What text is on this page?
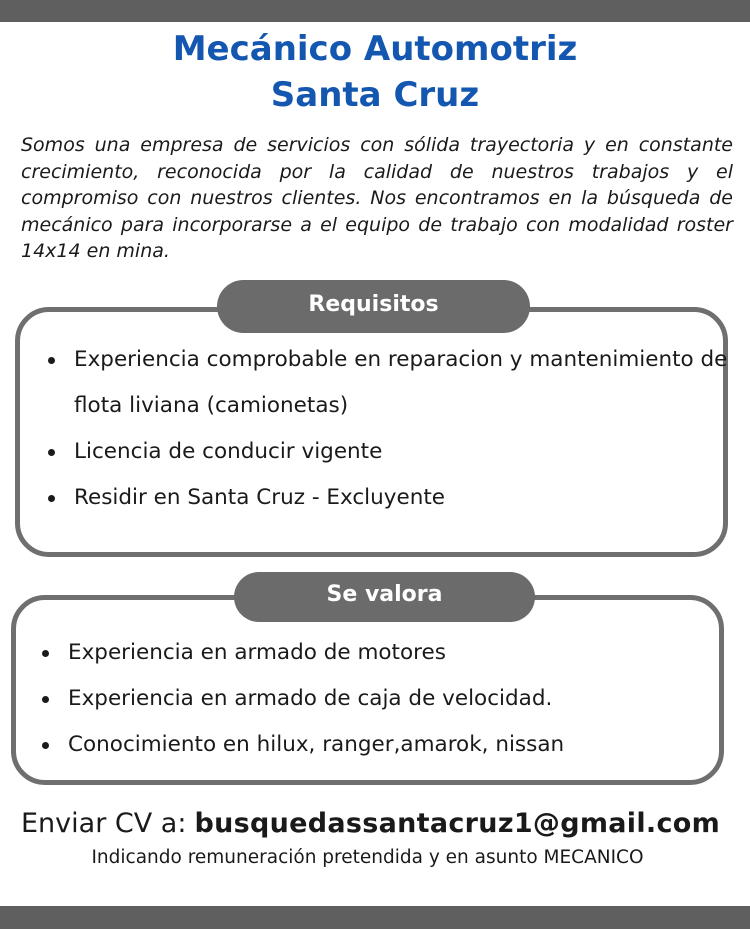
Mecánico Automotriz
Santa Cruz
Somos una empresa de servicios con sólida trayectoria y en constante crecimiento, reconocida por la calidad de nuestros trabajos y el compromiso con nuestros clientes. Nos encontramos en la búsqueda de mecánico para incorporarse a el equipo de trabajo con modalidad roster 14x14 en mina.
Requisitos
Experiencia comprobable en reparacion y mantenimiento de flota liviana (camionetas)
Licencia de conducir vigente
Residir en Santa Cruz - Excluyente
Se valora
Experiencia en armado de motores
Experiencia en armado de caja de velocidad.
Conocimiento en hilux, ranger,amarok, nissan
Enviar CV a: busquedassantacruz1@gmail.com
Indicando remuneración pretendida y en asunto MECANICO
